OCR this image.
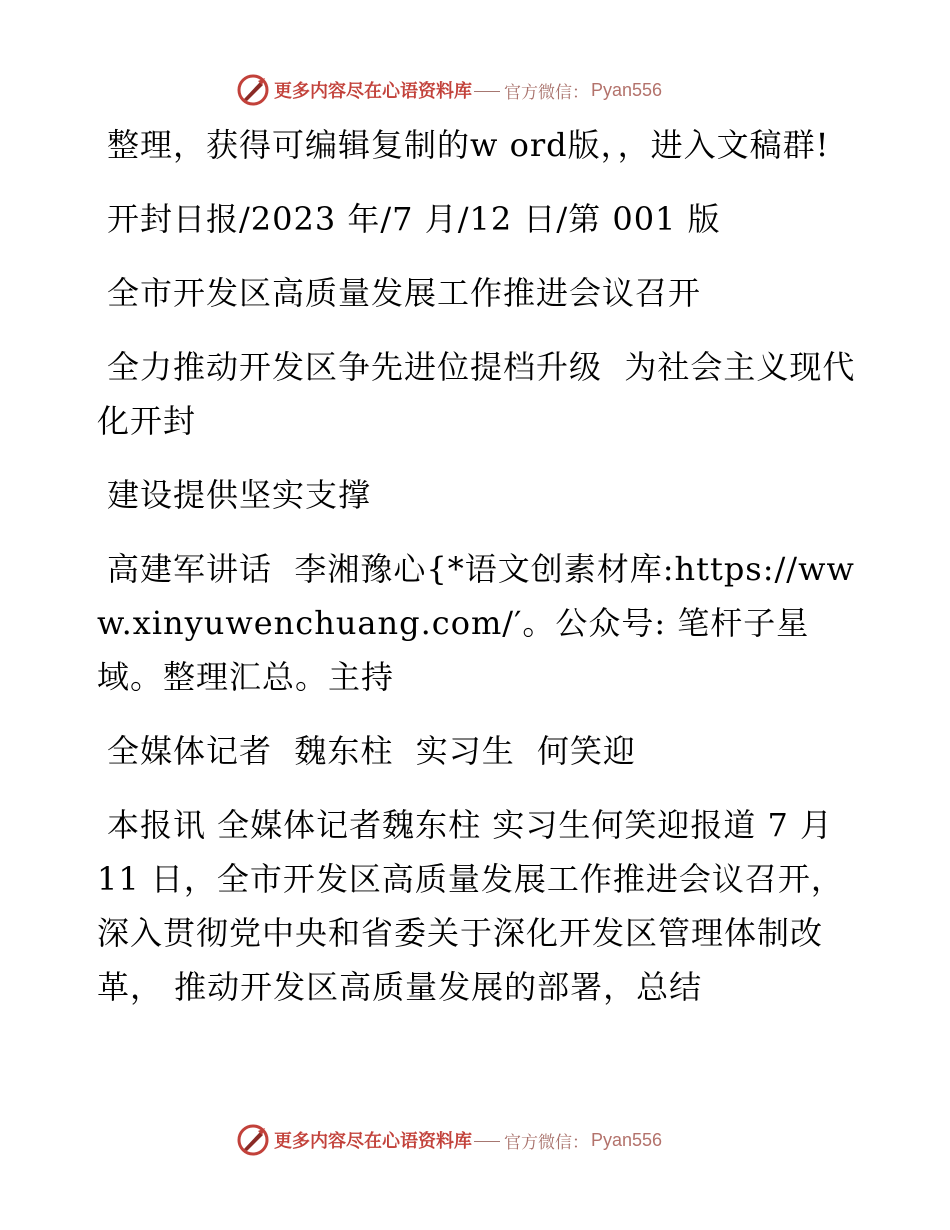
更多内容尽在心语资料库 官方微信： Pyan556

整理，获得可编辑复制的w ord版，，进入文稿群!

开封日报/2023 年/7 月/12 日/第 001 版

全市开发区高质量发展工作推进会议召开

全力推动开发区争先进位提档升级  为社会主义现代化开封

建设提供坚实支撑

高建军讲话  李湘豫心{*语文创素材库:https://www.xinyuwenchuang.com/′。公众号: 笔杆子星域。整理汇总。主持

全媒体记者  魏东柱  实习生  何笑迎

本报讯 全媒体记者魏东柱 实习生何笑迎报道 7 月 11 日，全市开发区高质量发展工作推进会议召开， 深入贯彻党中央和省委关于深化开发区管理体制改革， 推动开发区高质量发展的部署，总结

更多内容尽在心语资料库 官方微信： Pyan556
